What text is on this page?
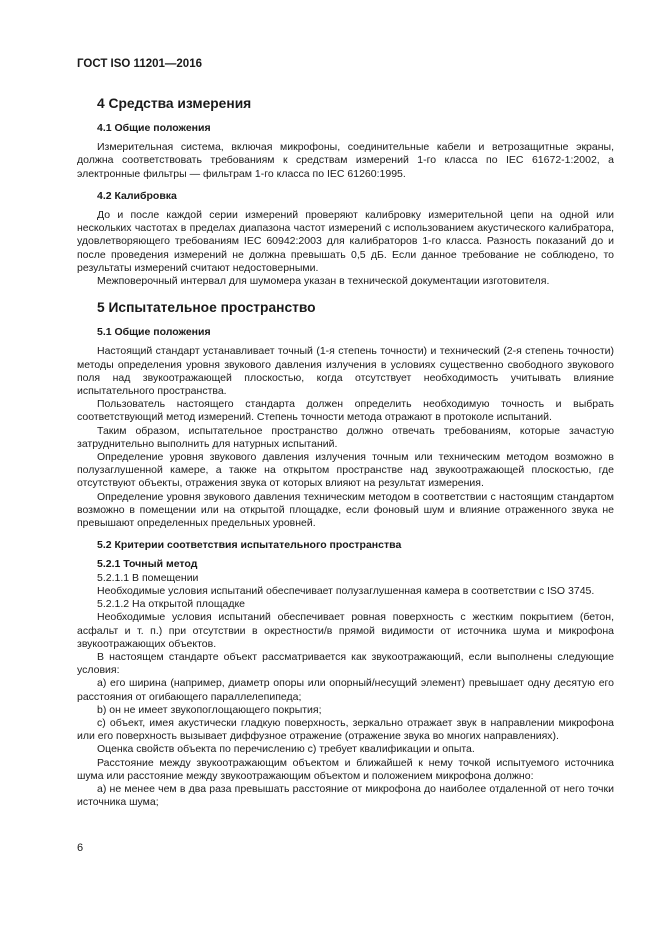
ГОСТ ISO 11201—2016
4 Средства измерения
4.1 Общие положения

Измерительная система, включая микрофоны, соединительные кабели и ветрозащитные экраны, должна соответствовать требованиям к средствам измерений 1-го класса по IEC 61672-1:2002, а электронные фильтры — фильтрам 1-го класса по IEC 61260:1995.

4.2 Калибровка

До и после каждой серии измерений проверяют калибровку измерительной цепи на одной или нескольких частотах в пределах диапазона частот измерений с использованием акустического калибратора, удовлетворяющего требованиям IEC 60942:2003 для калибраторов 1-го класса. Разность показаний до и после проведения измерений не должна превышать 0,5 дБ. Если данное требование не соблюдено, то результаты измерений считают недостоверными.

Межповерочный интервал для шумомера указан в технической документации изготовителя.

5 Испытательное пространство
5.1 Общие положения

Настоящий стандарт устанавливает точный (1-я степень точности) и технический (2-я степень точности) методы определения уровня звукового давления излучения в условиях существенно свободного звукового поля над звукоотражающей плоскостью, когда отсутствует необходимость учитывать влияние испытательного пространства.

Пользователь настоящего стандарта должен определить необходимую точность и выбрать соответствующий метод измерений. Степень точности метода отражают в протоколе испытаний.

Таким образом, испытательное пространство должно отвечать требованиям, которые зачастую затруднительно выполнить для натурных испытаний.

Определение уровня звукового давления излучения точным или техническим методом возможно в полузаглушенной камере, а также на открытом пространстве над звукоотражающей плоскостью, где отсутствуют объекты, отражения звука от которых влияют на результат измерения.

Определение уровня звукового давления техническим методом в соответствии с настоящим стандартом возможно в помещении или на открытой площадке, если фоновый шум и влияние отраженного звука не превышают определенных предельных уровней.

5.2 Критерии соответствия испытательного пространства
5.2.1 Точный метод

5.2.1.1 В помещении

Необходимые условия испытаний обеспечивает полузаглушенная камера в соответствии с ISO 3745.

5.2.1.2 На открытой площадке

Необходимые условия испытаний обеспечивает ровная поверхность с жестким покрытием (бетон, асфальт и т. п.) при отсутствии в окрестности/в прямой видимости от источника шума и микрофона звукоотражающих объектов.

В настоящем стандарте объект рассматривается как звукоотражающий, если выполнены следующие условия:

а) его ширина (например, диаметр опоры или опорный/несущий элемент) превышает одну десятую его расстояния от огибающего параллелепипеда;

b) он не имеет звукопоглощающего покрытия;

с) объект, имея акустически гладкую поверхность, зеркально отражает звук в направлении микрофона или его поверхность вызывает диффузное отражение (отражение звука во многих направлениях).

Оценка свойств объекта по перечислению с) требует квалификации и опыта.

Расстояние между звукоотражающим объектом и ближайшей к нему точкой испытуемого источника шума или расстояние между звукоотражающим объектом и положением микрофона должно:

а) не менее чем в два раза превышать расстояние от микрофона до наиболее отдаленной от него точки источника шума;

6
